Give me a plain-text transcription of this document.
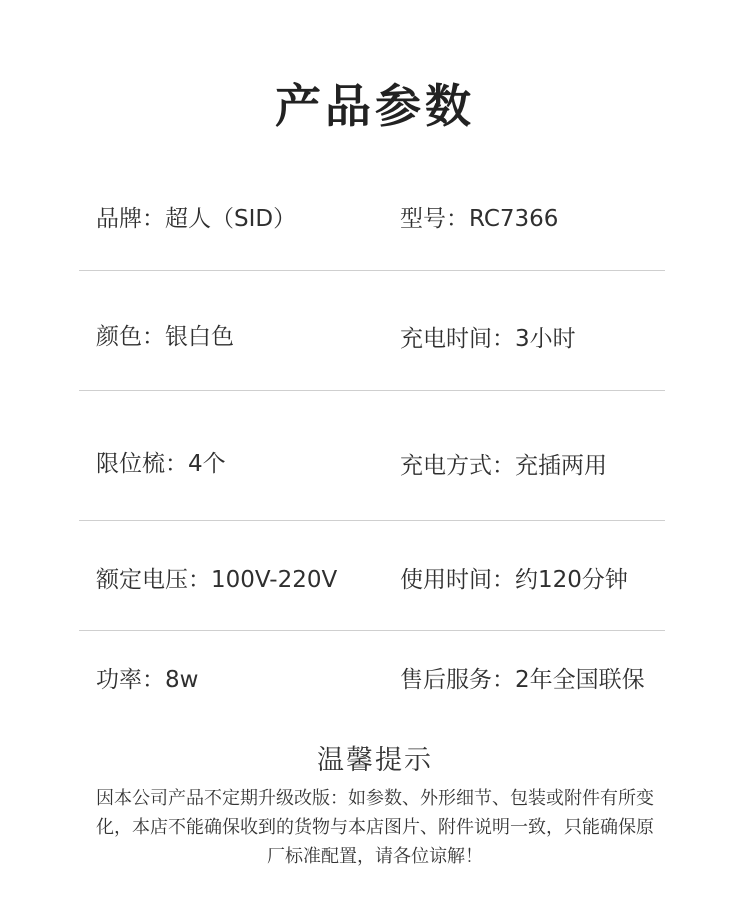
产品参数
品牌：超人（SID）	型号：RC7366
颜色：银白色	充电时间：3小时
限位梳：4个	充电方式：充插两用
额定电压：100V-220V	使用时间：约120分钟
功率：8w	售后服务：2年全国联保
温馨提示
因本公司产品不定期升级改版：如参数、外形细节、包装或附件有所变
化，本店不能确保收到的货物与本店图片、附件说明一致，只能确保原
厂标准配置，请各位谅解！
